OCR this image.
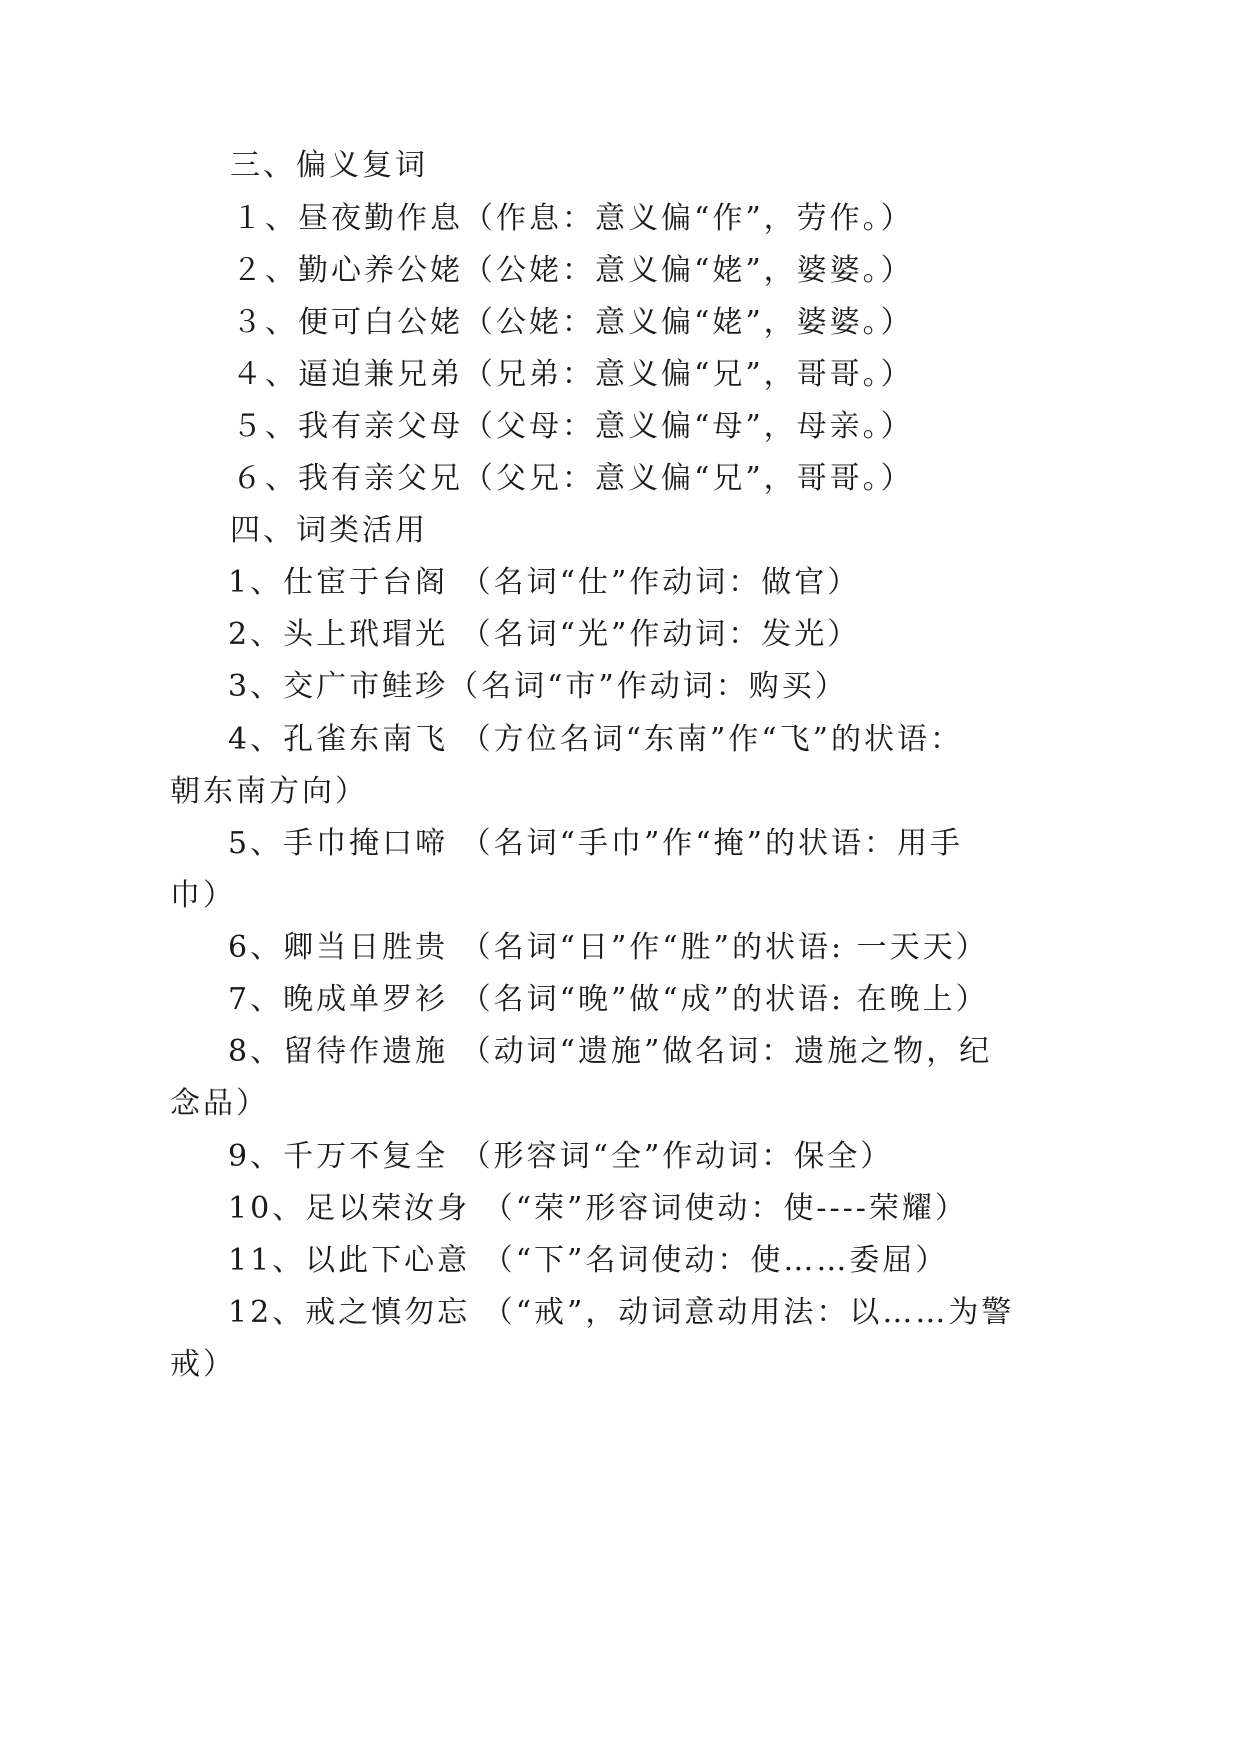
三、偏义复词
１、昼夜勤作息（作息：意义偏“作”，劳作。）
２、勤心养公姥（公姥：意义偏“姥”，婆婆。）
３、便可白公姥（公姥：意义偏“姥”，婆婆。）
４、逼迫兼兄弟（兄弟：意义偏“兄”，哥哥。）
５、我有亲父母（父母：意义偏“母”，母亲。）
６、我有亲父兄（父兄：意义偏“兄”，哥哥。）
四、词类活用
1、仕宦于台阁 （名词“仕”作动词：做官）
2、头上玳瑁光 （名词“光”作动词：发光）
3、交广市鲑珍（名词“市”作动词：购买）
4、孔雀东南飞 （方位名词“东南”作“飞”的状语：
朝东南方向）
5、手巾掩口啼 （名词“手巾”作“掩”的状语：用手
巾）
6、卿当日胜贵 （名词“日”作“胜”的状语: 一天天）
7、晚成单罗衫 （名词“晚”做“成”的状语: 在晚上）
8、留待作遗施 （动词“遗施”做名词：遗施之物，纪
念品）
9、千万不复全 （形容词“全”作动词：保全）
10、足以荣汝身 （“荣”形容词使动：使----荣耀）
11、以此下心意 （“下”名词使动：使……委屈）
12、戒之慎勿忘 （“戒”，动词意动用法：以……为警
戒）
